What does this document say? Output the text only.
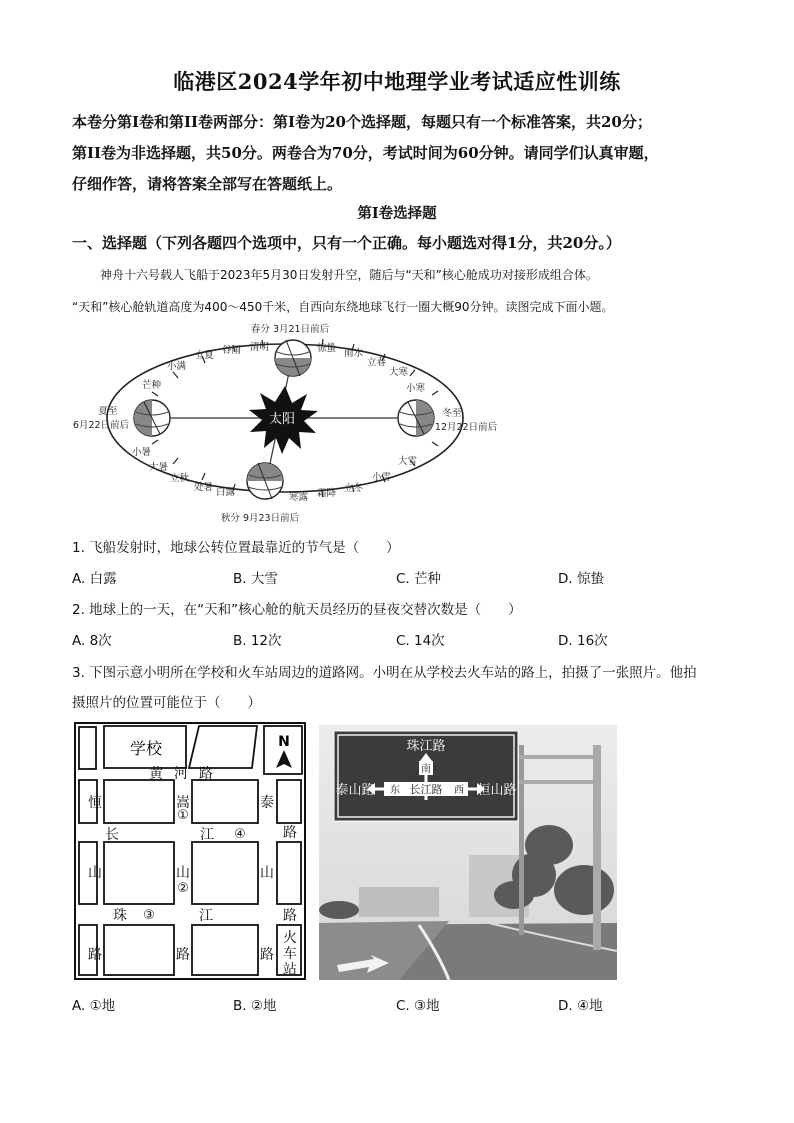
临港区2024学年初中地理学业考试适应性训练
本卷分第Ⅰ卷和第II卷两部分：第Ⅰ卷为20个选择题，每题只有一个标准答案，共20分；
第II卷为非选择题，共50分。两卷合为70分，考试时间为60分钟。请同学们认真审题，
仔细作答，请将答案全部写在答题纸上。
第Ⅰ卷选择题
一、选择题（下列各题四个选项中，只有一个正确。每小题选对得1分，共20分。）
神舟十六号载人飞船于2023年5月30日发射升空，随后与“天和”核心舱成功对接形成组合体。
“天和”核心舱轨道高度为400～450千米，自西向东绕地球飞行一圈大概90分钟。读图完成下面小题。
太阳
春分 3月21日前后
秋分 9月23日前后
夏至
6月22日前后
冬至
12月22日前后
芒种
小满
立夏 谷雨 清明	惊蛰 雨水
立春
大寒
小寒
小暑
大暑
立秋
处暑 白露	寒露 霜降 立冬
小雪
大雪
1. 飞船发射时，地球公转位置最靠近的节气是（　　）
A. 白露	B. 大雪	C. 芒种	D. 惊蛰
2. 地球上的一天，在“天和”核心舱的航天员经历的昼夜交替次数是（　　）
A. 8次	B. 12次	C. 14次	D. 16次
3. 下图示意小明所在学校和火车站周边的道路网。小明在从学校去火车站的路上，拍摄了一张照片。他拍
摄照片的位置可能位于（　　）
学校	N
黄 河 路
长	江	路
珠	江	路
恒
山
路
嵩
山
路
泰
山
路
火
车
站
①
②
③
④
珠江路
泰山路	恒山路
南
东 长江路 西
A. ①地	B. ②地	C. ③地	D. ④地
